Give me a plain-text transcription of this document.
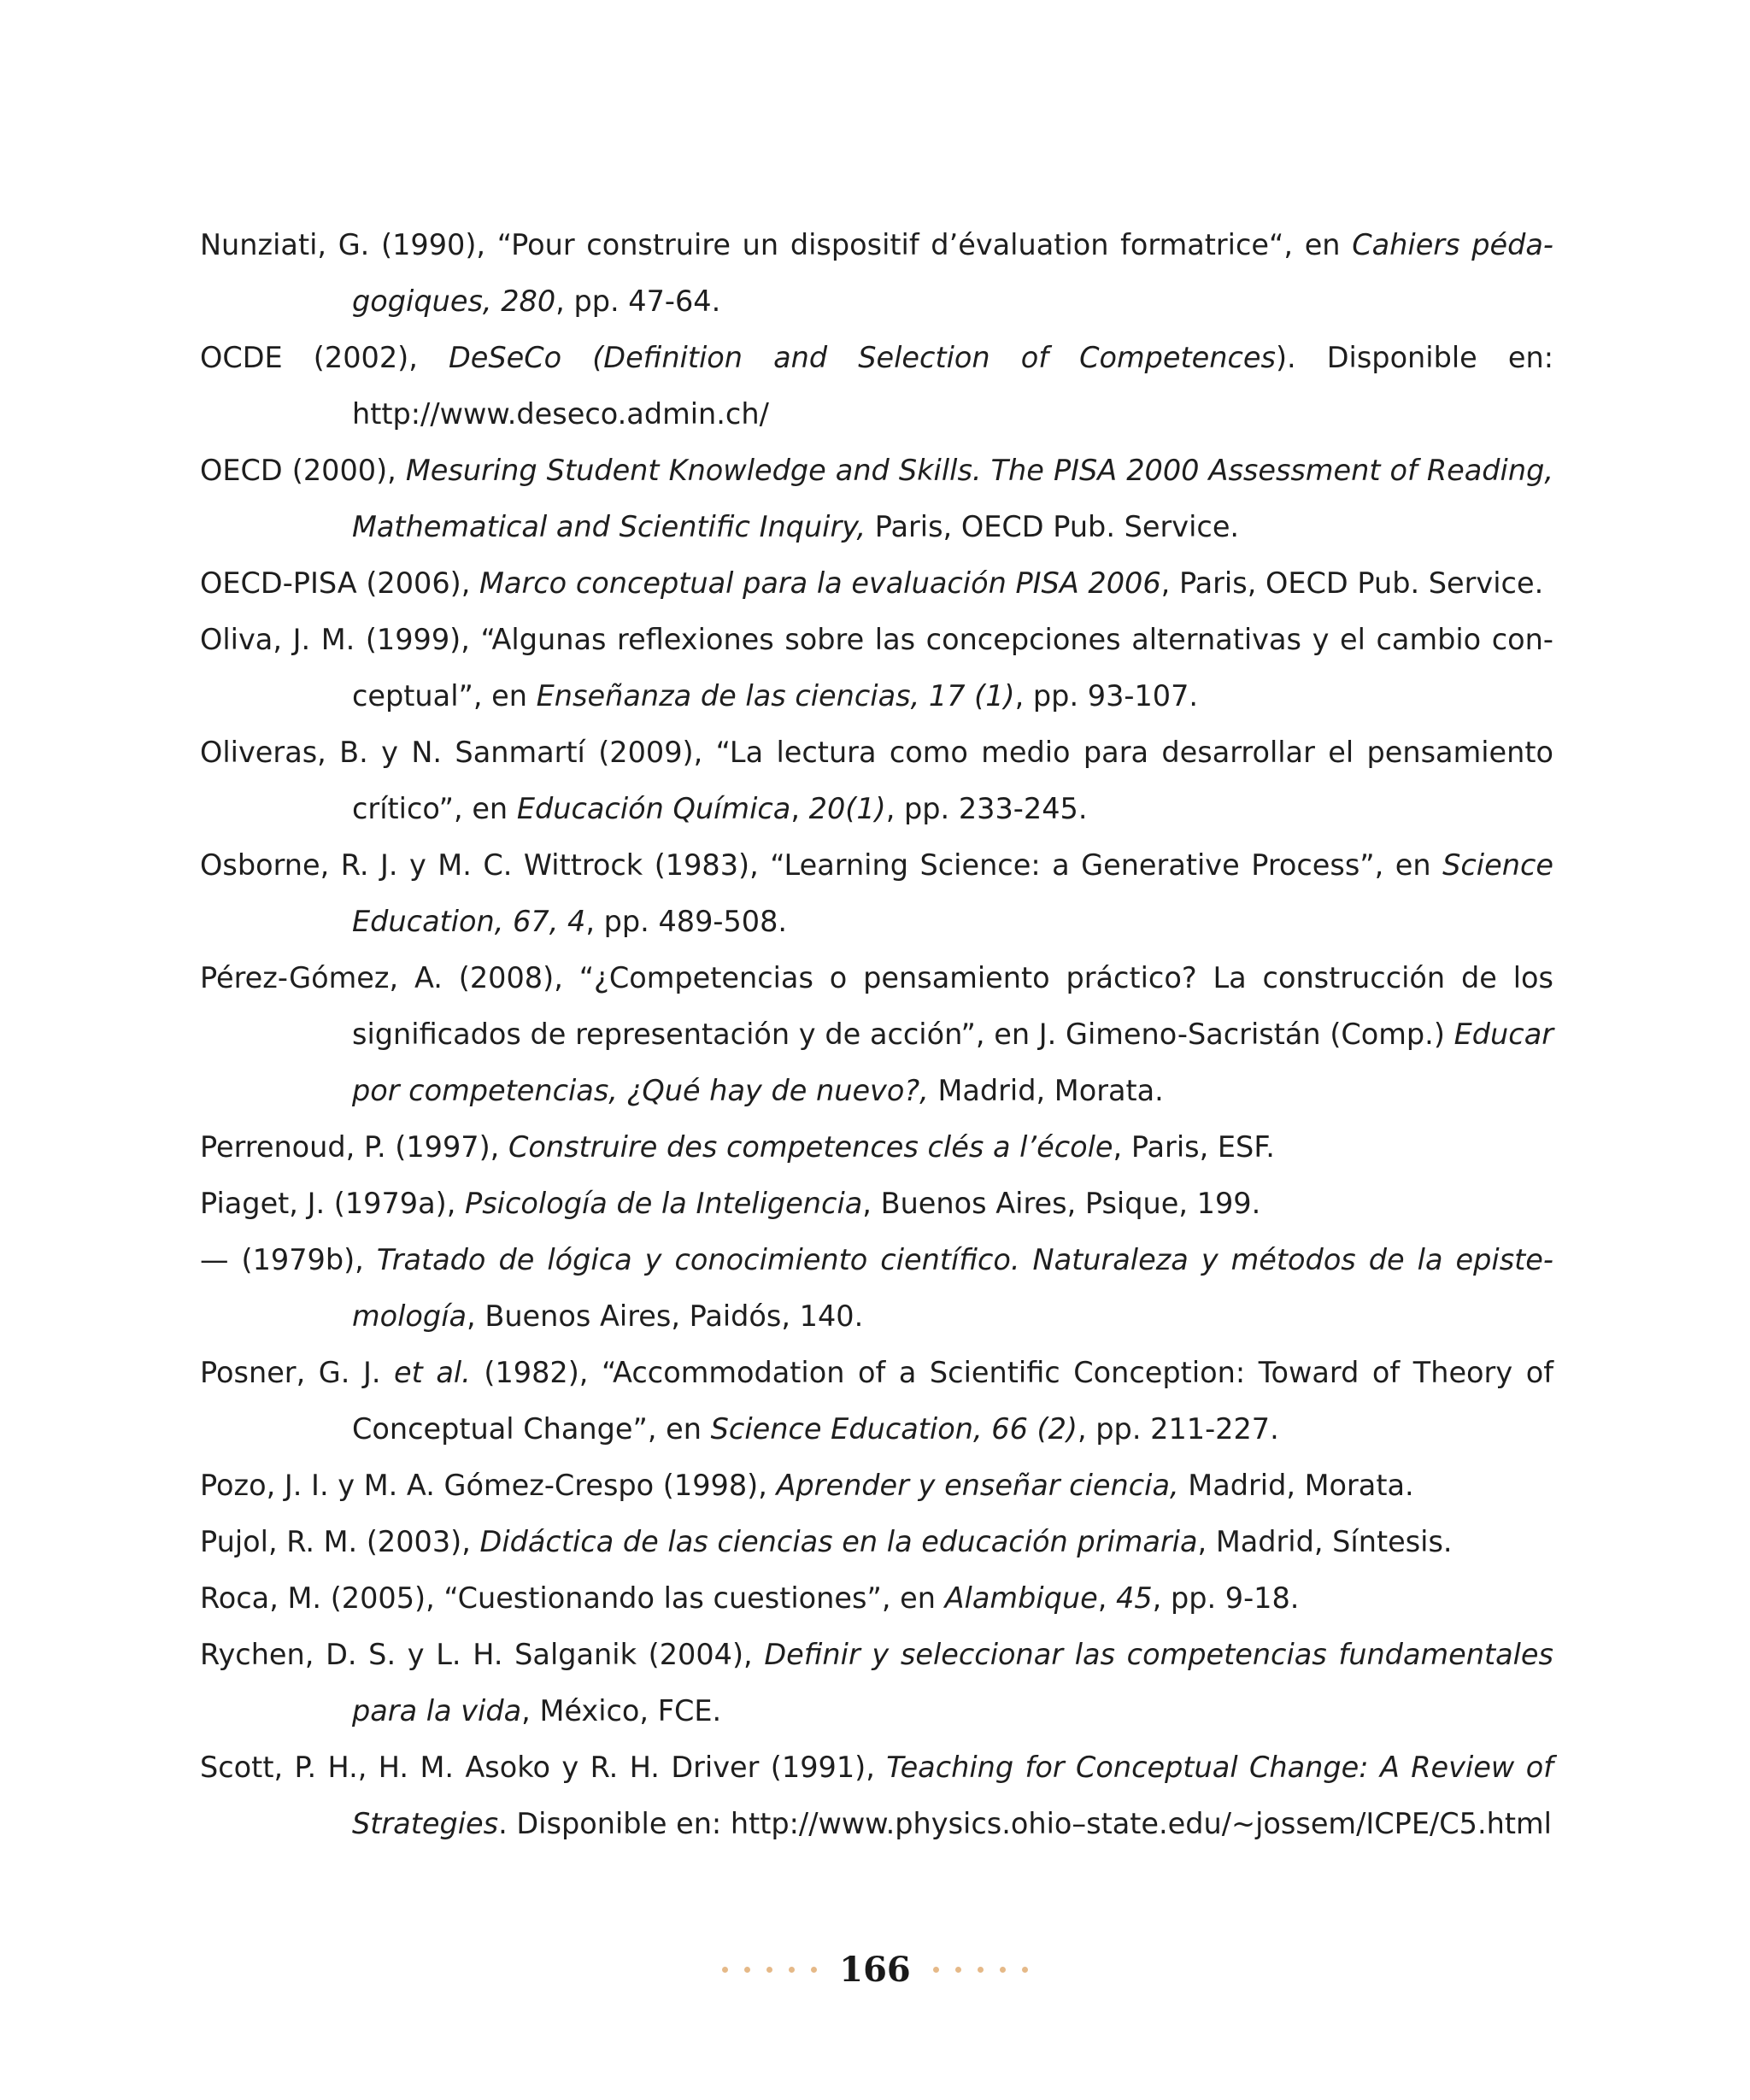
Nunziati, G. (1990), “Pour construire un dispositif d’évaluation formatrice“, en Cahiers pédagogiques, 280, pp. 47-64.

OCDE (2002), DeSeCo (Definition and Selection of Competences). Disponible en: http://www.deseco.admin.ch/

OECD (2000), Mesuring Student Knowledge and Skills. The PISA 2000 Assessment of Reading, Mathematical and Scientific Inquiry, Paris, OECD Pub. Service.

OECD-PISA (2006), Marco conceptual para la evaluación PISA 2006, Paris, OECD Pub. Service.

Oliva, J. M. (1999), “Algunas reflexiones sobre las concepciones alternativas y el cambio conceptual”, en Enseñanza de las ciencias, 17 (1), pp. 93-107.

Oliveras, B. y N. Sanmartí (2009), “La lectura como medio para desarrollar el pensamiento crítico”, en Educación Química, 20(1), pp. 233-245.

Osborne, R. J. y M. C. Wittrock (1983), “Learning Science: a Generative Process”, en Science Education, 67, 4, pp. 489-508.

Pérez-Gómez, A. (2008), “¿Competencias o pensamiento práctico? La construcción de los significados de representación y de acción”, en J. Gimeno-Sacristán (Comp.) Educar por competencias, ¿Qué hay de nuevo?, Madrid, Morata.

Perrenoud, P. (1997), Construire des competences clés a l’école, Paris, ESF.

Piaget, J. (1979a), Psicología de la Inteligencia, Buenos Aires, Psique, 199.

— (1979b), Tratado de lógica y conocimiento científico. Naturaleza y métodos de la epistemología, Buenos Aires, Paidós, 140.

Posner, G. J. et al. (1982), “Accommodation of a Scientific Conception: Toward of Theory of Conceptual Change”, en Science Education, 66 (2), pp. 211-227.

Pozo, J. I. y M. A. Gómez-Crespo (1998), Aprender y enseñar ciencia, Madrid, Morata.

Pujol, R. M. (2003), Didáctica de las ciencias en la educación primaria, Madrid, Síntesis.

Roca, M. (2005), “Cuestionando las cuestiones”, en Alambique, 45, pp. 9-18.

Rychen, D. S. y L. H. Salganik (2004), Definir y seleccionar las competencias fundamentales para la vida, México, FCE.

Scott, P. H., H. M. Asoko y R. H. Driver (1991), Teaching for Conceptual Change: A Review of Strategies. Disponible en: http://www.physics.ohio–state.edu/~jossem/ICPE/C5.html

166
